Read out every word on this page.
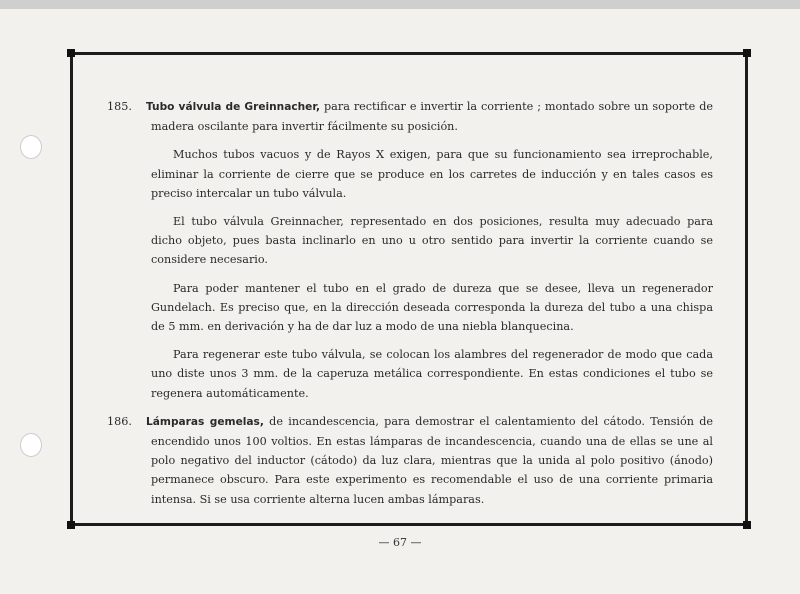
185. Tubo válvula de Greinnacher, para rectificar e invertir la corriente ; montado sobre un soporte de madera oscilante para invertir fácilmente su posición.

Muchos tubos vacuos y de Rayos X exigen, para que su funcionamiento sea irreprochable, eliminar la corriente de cierre que se produce en los carretes de inducción y en tales casos es preciso intercalar un tubo válvula.

El tubo válvula Greinnacher, representado en dos posiciones, resulta muy adecuado para dicho objeto, pues basta inclinarlo en uno u otro sentido para invertir la corriente cuando se considere necesario.

Para poder mantener el tubo en el grado de dureza que se desee, lleva un regenerador Gundelach. Es preciso que, en la dirección deseada corresponda la dureza del tubo a una chispa de 5 mm. en derivación y ha de dar luz a modo de una niebla blanquecina.

Para regenerar este tubo válvula, se colocan los alambres del regenerador de modo que cada uno diste unos 3 mm. de la caperuza metálica correspondiente. En estas condiciones el tubo se regenera automáticamente.

186. Lámparas gemelas, de incandescencia, para demostrar el calentamiento del cátodo. Tensión de encendido unos 100 voltios. En estas lámparas de incandescencia, cuando una de ellas se une al polo negativo del inductor (cátodo) da luz clara, mientras que la unida al polo positivo (ánodo) permanece obscuro. Para este experimento es recomendable el uso de una corriente primaria intensa. Si se usa corriente alterna lucen ambas lámparas.

— 67 —
